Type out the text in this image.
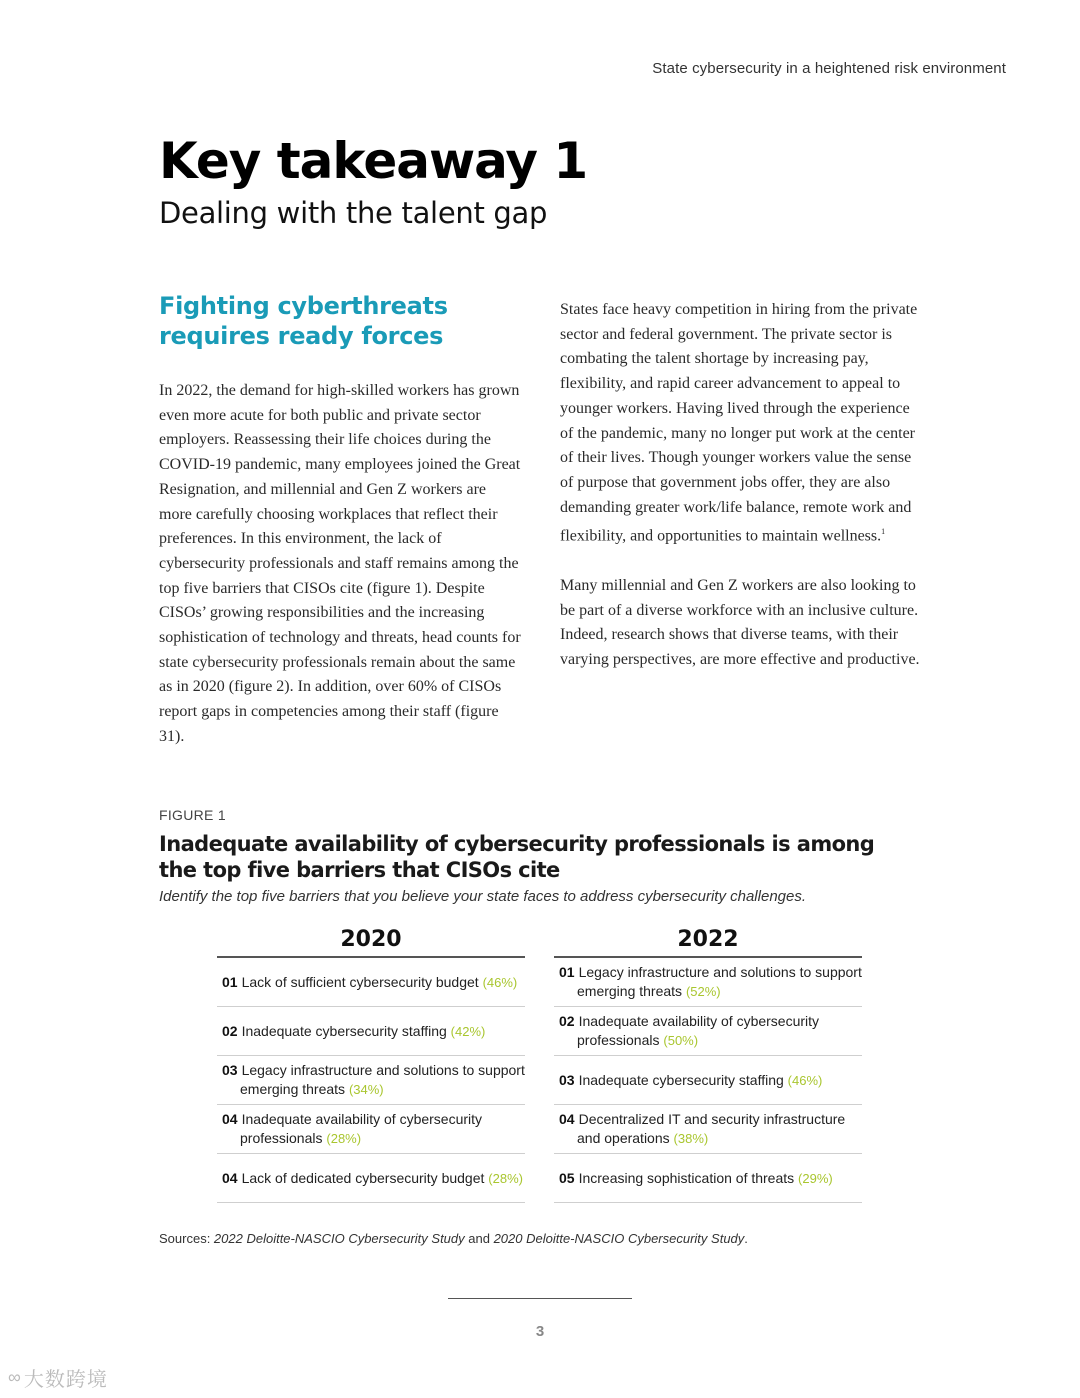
State cybersecurity in a heightened risk environment
Key takeaway 1
Dealing with the talent gap
Fighting cyberthreats
requires ready forces

In 2022, the demand for high-skilled workers has grown even more acute for both public and private sector employers. Reassessing their life choices during the COVID-19 pandemic, many employees joined the Great Resignation, and millennial and Gen Z workers are more carefully choosing workplaces that reflect their preferences. In this environment, the lack of cybersecurity professionals and staff remains among the top five barriers that CISOs cite (figure 1). Despite CISOs’ growing responsibilities and the increasing sophistication of technology and threats, head counts for state cybersecurity professionals remain about the same as in 2020 (figure 2). In addition, over 60% of CISOs report gaps in competencies among their staff (figure 31).

States face heavy competition in hiring from the private sector and federal government. The private sector is combating the talent shortage by increasing pay, flexibility, and rapid career advancement to appeal to younger workers. Having lived through the experience of the pandemic, many no longer put work at the center of their lives. Though younger workers value the sense of purpose that government jobs offer, they are also demanding greater work/life balance, remote work and flexibility, and opportunities to maintain wellness.$^1$

Many millennial and Gen Z workers are also looking to be part of a diverse workforce with an inclusive culture. Indeed, research shows that diverse teams, with their varying perspectives, are more effective and productive.

FIGURE 1
Inadequate availability of cybersecurity professionals is among the top five barriers that CISOs cite
Identify the top five barriers that you believe your state faces to address cybersecurity challenges.
2020
01 Lack of sufficient cybersecurity budget (46%)
02 Inadequate cybersecurity staffing (42%)
03 Legacy infrastructure and solutions to support emerging threats (34%)
04 Inadequate availability of cybersecurity professionals (28%)
04 Lack of dedicated cybersecurity budget (28%)
2022
01 Legacy infrastructure and solutions to support emerging threats (52%)
02 Inadequate availability of cybersecurity professionals (50%)
03 Inadequate cybersecurity staffing (46%)
04 Decentralized IT and security infrastructure and operations (38%)
05 Increasing sophistication of threats (29%)
Sources: 2022 Deloitte-NASCIO Cybersecurity Study and 2020 Deloitte-NASCIO Cybersecurity Study.
3
∞ 大数跨境
